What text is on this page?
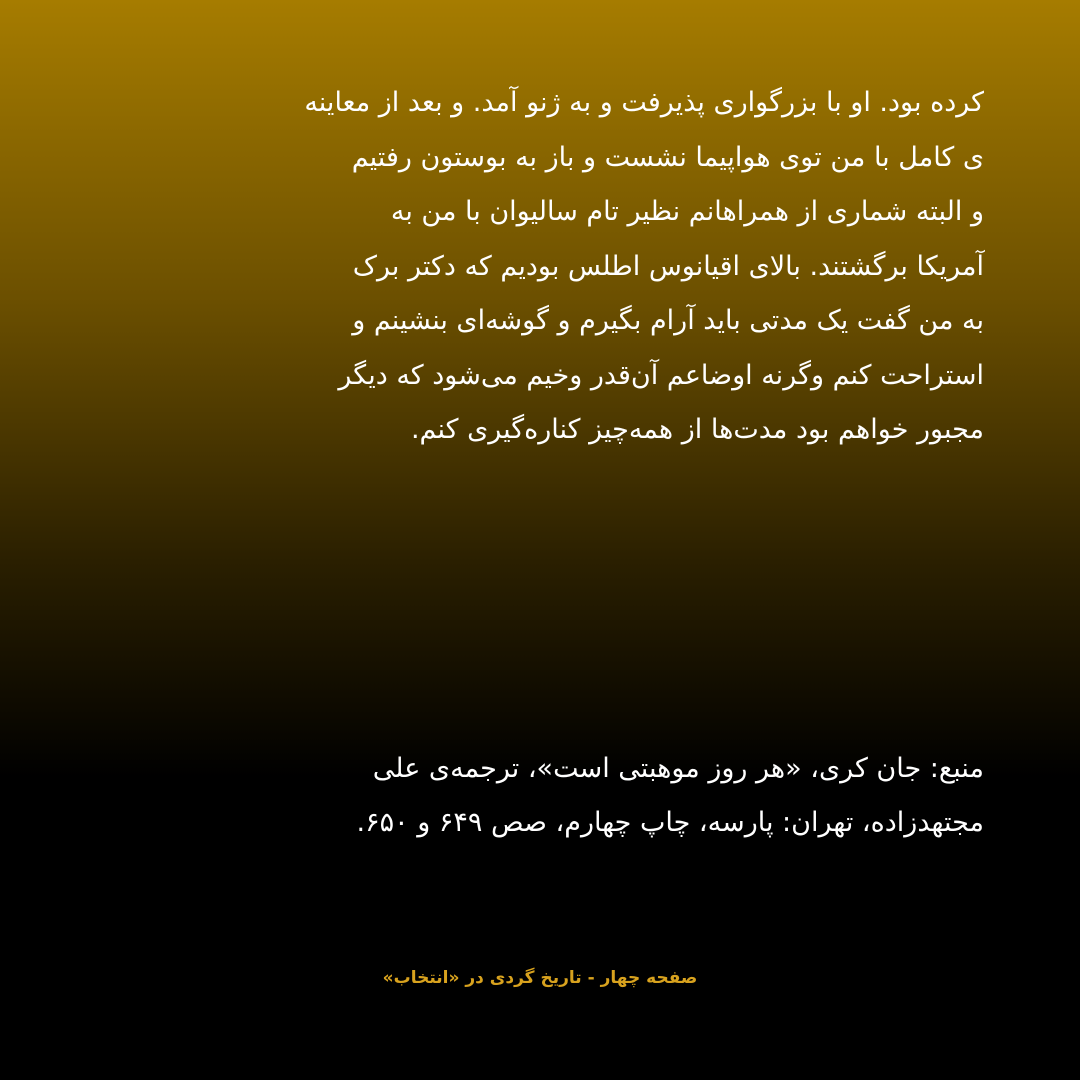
کرده بود. او با بزرگواری پذیرفت و به ژنو آمد. و بعد از معاینه
ی کامل با من توی هواپیما نشست و باز به بوستون رفتیم
و البته شماری از همراهانم نظیر تام سالیوان با من به
آمریکا برگشتند. بالای اقیانوس اطلس بودیم که دکتر برک
به من گفت یک مدتی باید آرام بگیرم و گوشه‌ای بنشینم و
استراحت کنم وگرنه اوضاعم آن‌قدر وخیم می‌شود که دیگر
مجبور خواهم بود مدت‌ها از همه‌چیز کناره‌گیری کنم.
منبع: جان کری، «هر روز موهبتی است»، ترجمه‌ی علی
مجتهدزاده، تهران: پارسه، چاپ چهارم، صص ۶۴۹ و ۶۵۰.
صفحه چهار - تاریخ گردی در «انتخاب»
